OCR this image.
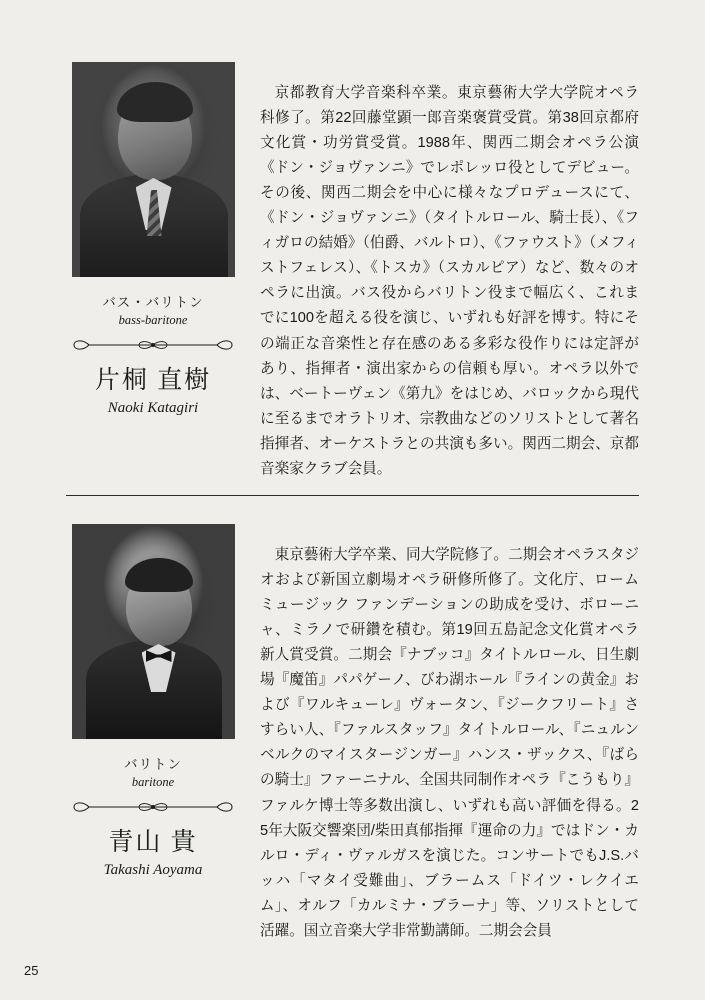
バス・バリトン
bass-baritone
片桐 直樹
Naoki Katagiri

京都教育大学音楽科卒業。東京藝術大学大学院オペラ科修了。第22回藤堂顕一郎音楽褒賞受賞。第38回京都府文化賞・功労賞受賞。1988年、関西二期会オペラ公演《ドン・ジョヴァンニ》でレポレッロ役としてデビュー。その後、関西二期会を中心に様々なプロデュースにて、《ドン・ジョヴァンニ》（タイトルロール、騎士長）、《フィガロの結婚》（伯爵、バルトロ）、《ファウスト》（メフィストフェレス）、《トスカ》（スカルピア）など、数々のオペラに出演。バス役からバリトン役まで幅広く、これまでに100を超える役を演じ、いずれも好評を博す。特にその端正な音楽性と存在感のある多彩な役作りには定評があり、指揮者・演出家からの信頼も厚い。オペラ以外では、ベートーヴェン《第九》をはじめ、バロックから現代に至るまでオラトリオ、宗教曲などのソリストとして著名指揮者、オーケストラとの共演も多い。関西二期会、京都音楽家クラブ会員。

バリトン
baritone
青山 貴
Takashi Aoyama

東京藝術大学卒業、同大学院修了。二期会オペラスタジオおよび新国立劇場オペラ研修所修了。文化庁、ローム ミュージック ファンデーションの助成を受け、ボローニャ、ミラノで研鑽を積む。第19回五島記念文化賞オペラ新人賞受賞。二期会『ナブッコ』タイトルロール、日生劇場『魔笛』パパゲーノ、びわ湖ホール『ラインの黄金』および『ワルキューレ』ヴォータン、『ジークフリート』さすらい人、『ファルスタッフ』タイトルロール、『ニュルンベルクのマイスタージンガー』ハンス・ザックス、『ばらの騎士』ファーニナル、全国共同制作オペラ『こうもり』ファルケ博士等多数出演し、いずれも高い評価を得る。25年大阪交響楽団/柴田真郁指揮『運命の力』ではドン・カルロ・ディ・ヴァルガスを演じた。コンサートでもJ.S.バッハ「マタイ受難曲」、ブラームス「ドイツ・レクイエム」、オルフ「カルミナ・ブラーナ」等、ソリストとして活躍。国立音楽大学非常勤講師。二期会会員

25
